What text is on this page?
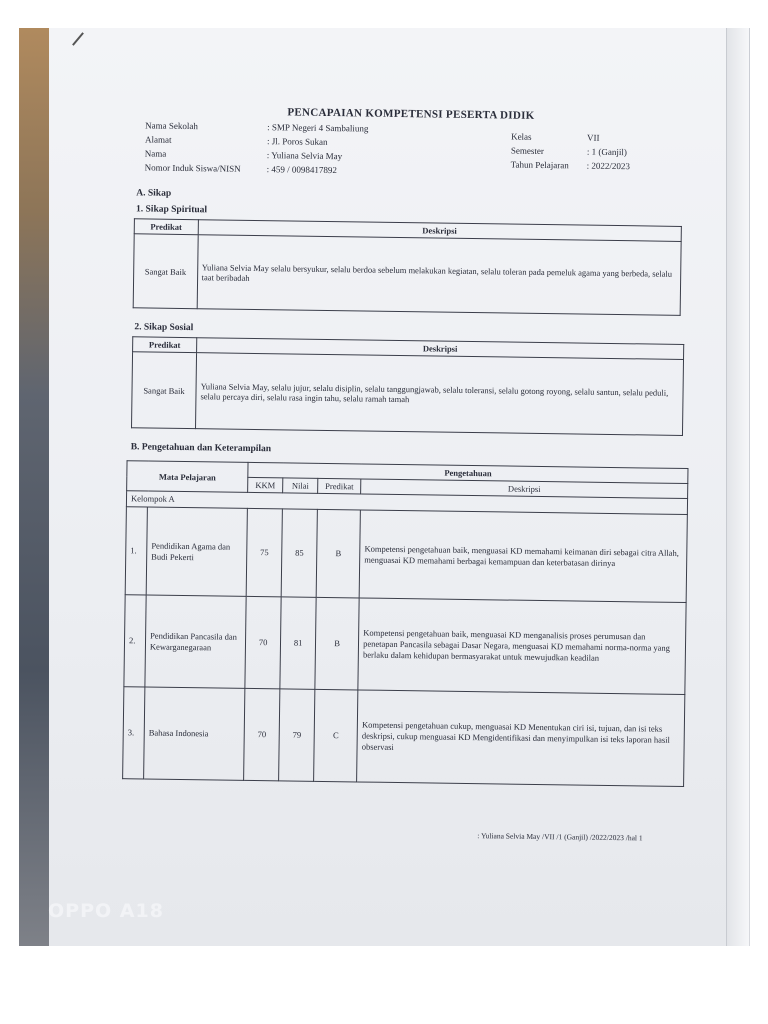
PENCAPAIAN KOMPETENSI PESERTA DIDIK
Nama Sekolah	: SMP Negeri 4 Sambaliung
Alamat	: Jl. Poros Sukan
Nama	: Yuliana Selvia May
Nomor Induk Siswa/NISN	: 459 / 0098417892
Kelas	VII
Semester	: 1 (Ganjil)
Tahun Pelajaran	: 2022/2023
A. Sikap
1. Sikap Spiritual
Predikat	Deskripsi
Sangat Baik	Yuliana Selvia May selalu bersyukur, selalu berdoa sebelum melakukan kegiatan, selalu toleran pada pemeluk agama yang berbeda, selalu taat beribadah
2. Sikap Sosial
Predikat	Deskripsi
Sangat Baik	Yuliana Selvia May, selalu jujur, selalu disiplin, selalu tanggungjawab, selalu toleransi, selalu gotong royong, selalu santun, selalu peduli, selalu percaya diri, selalu rasa ingin tahu, selalu ramah tamah
B. Pengetahuan dan Keterampilan
Mata Pelajaran		Pengetahuan			
		KKM	Nilai	Predikat	Deskripsi
Kelompok A					
1.	Pendidikan Agama dan Budi Pekerti	75	85	B	Kompetensi pengetahuan baik, menguasai KD memahami keimanan diri sebagai citra Allah, menguasai KD memahami berbagai kemampuan dan keterbatasan dirinya
2.	Pendidikan Pancasila dan Kewarganegaraan	70	81	B	Kompetensi pengetahuan baik, menguasai KD menganalisis proses perumusan dan penetapan Pancasila sebagai Dasar Negara, menguasai KD memahami norma-norma yang berlaku dalam kehidupan bermasyarakat untuk mewujudkan keadilan
3.	Bahasa Indonesia	70	79	C	Kompetensi pengetahuan cukup, menguasai KD Menentukan ciri isi, tujuan, dan isi teks deskripsi, cukup menguasai KD Mengidentifikasi dan menyimpulkan isi teks laporan hasil observasi
: Yuliana Selvia May /VII /1 (Ganjil) /2022/2023 /hal 1
OPPO A18
